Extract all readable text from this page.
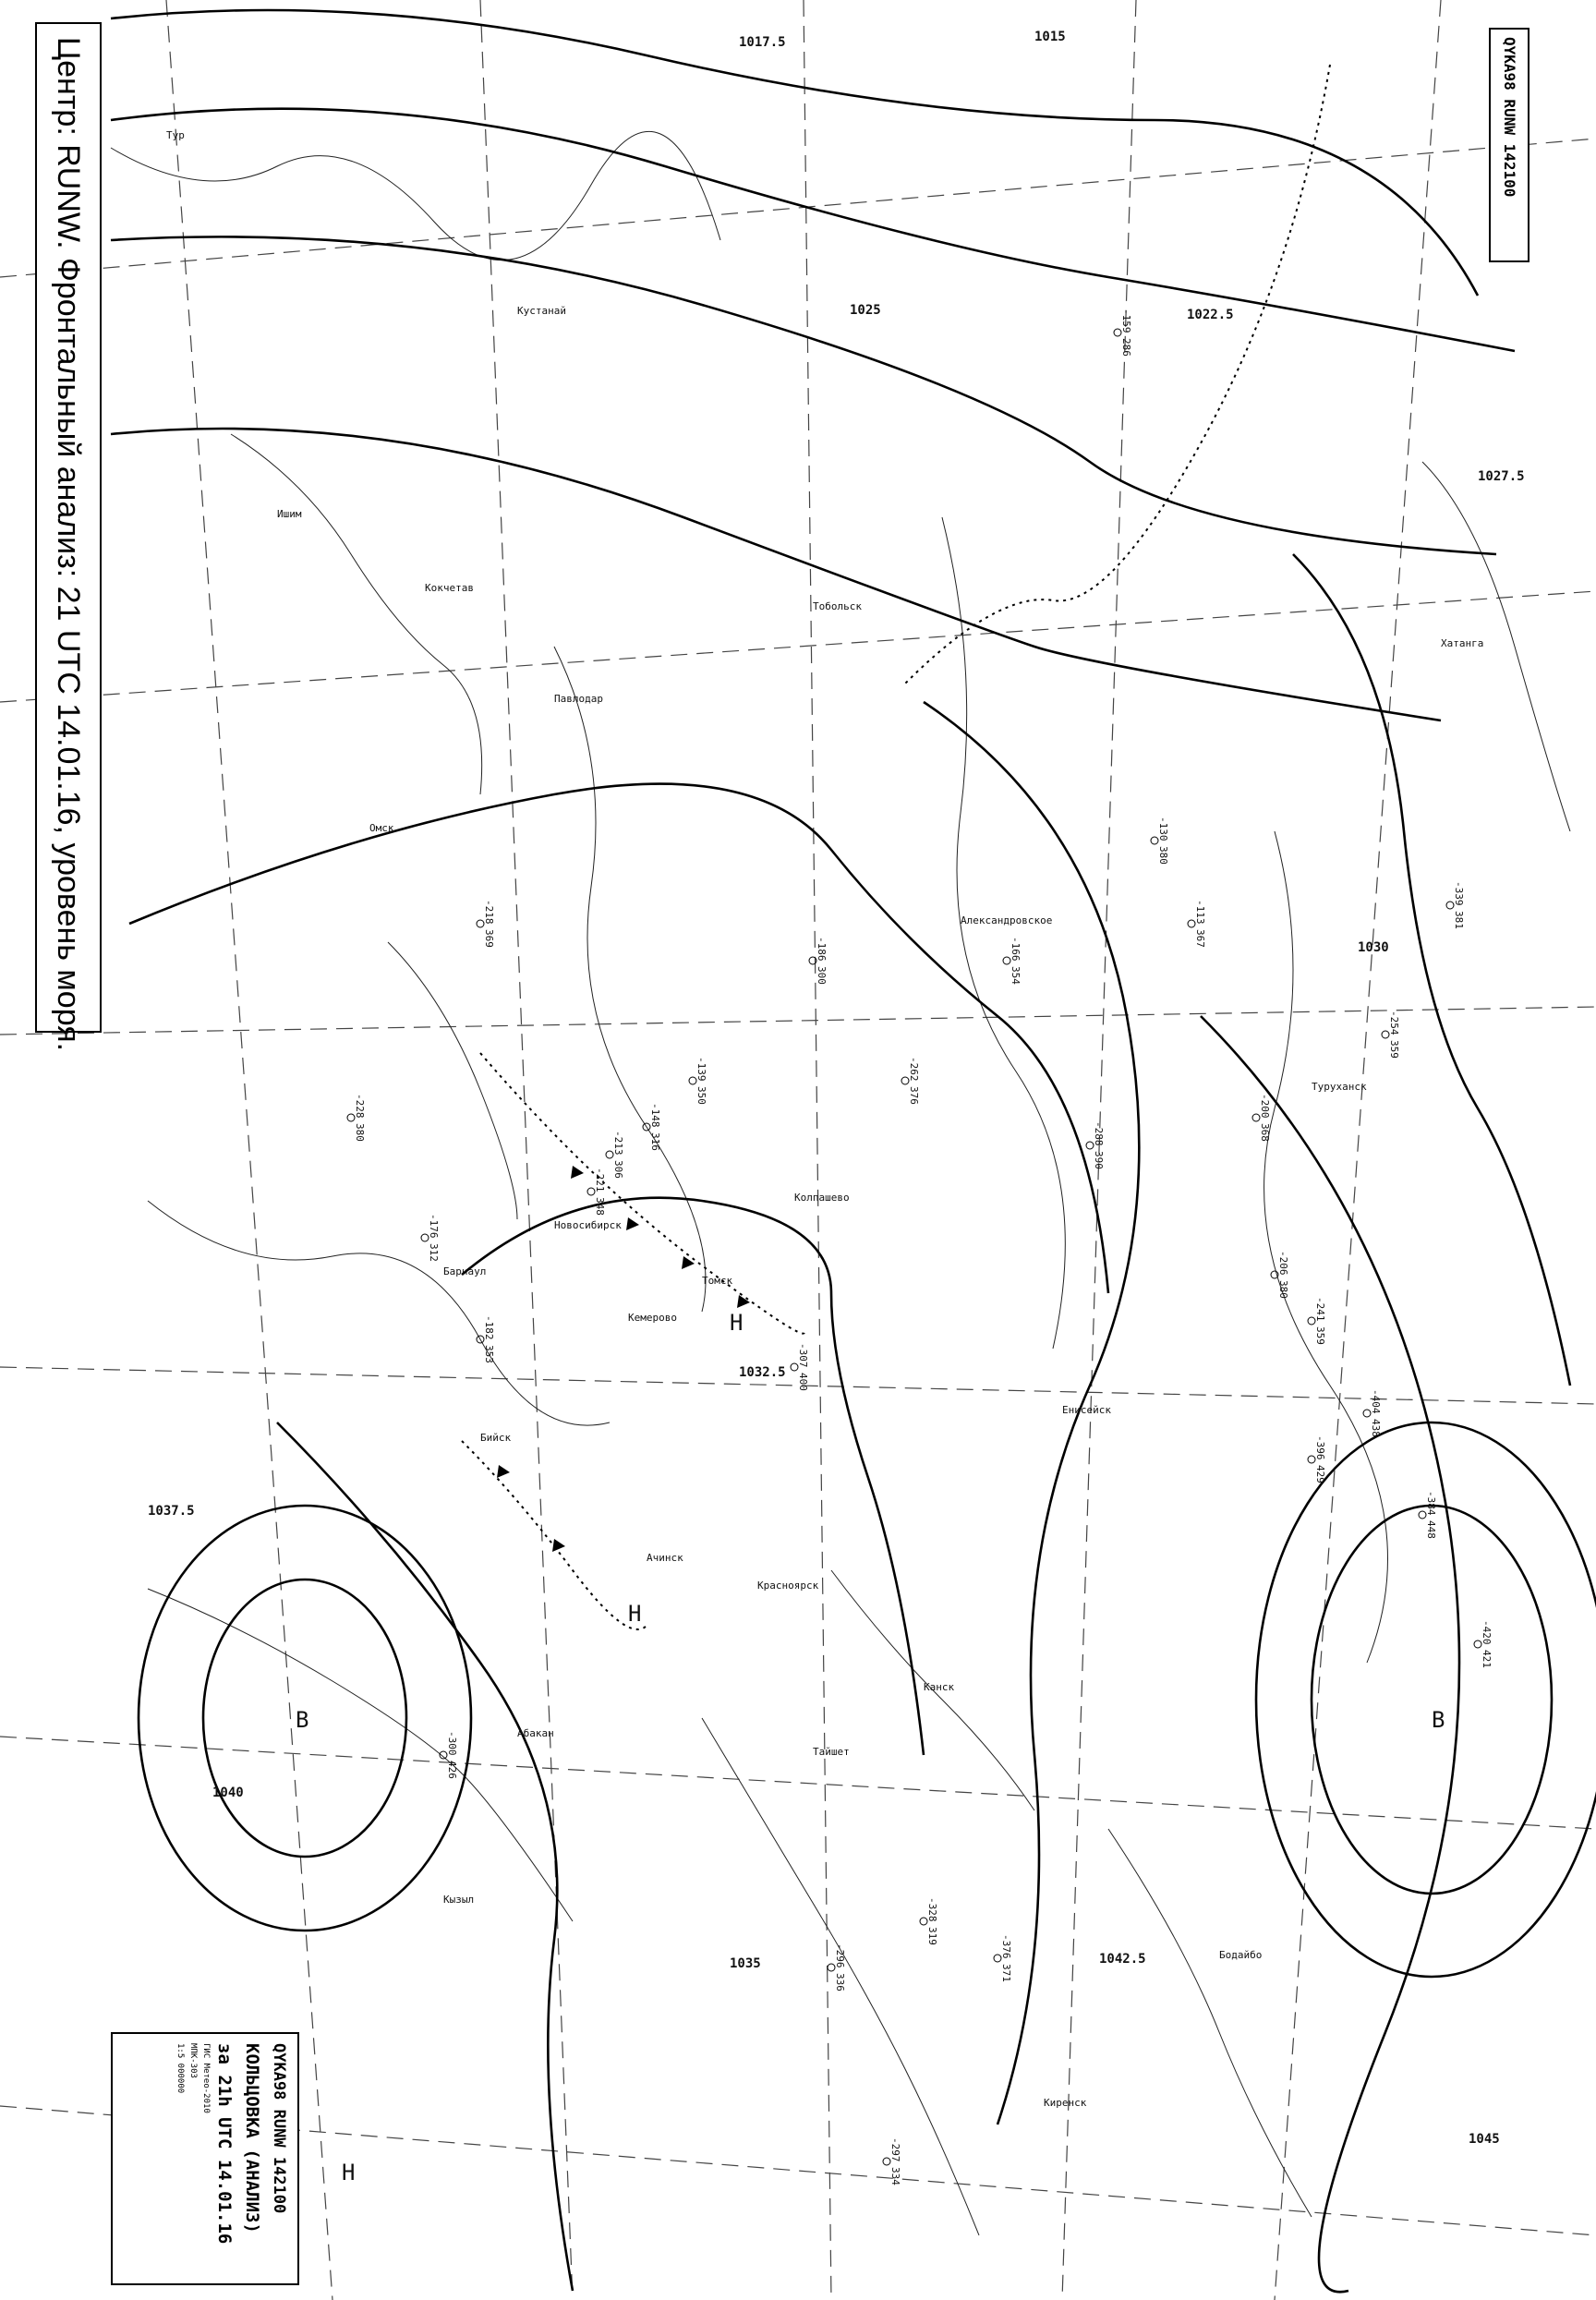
1017.5	1015
1022.5
1025
1027.5
1030
1032.5
1035
1037.5
1040
1042.5
1045
В
Н
Н
В
Н
Тур
Кустанай
Кокчетав
Павлодар
Ишим
Тобольск
Омск
Новосибирск
Барнаул
Кемерово
Томск
Колпашево
Александровское
Енисейск
Красноярск
Ачинск
Абакан
Кызыл
Канск
Тайшет
Бодайбо
Киренск
Туруханск
Хатанга
Бийск
-159
286
-166
354
-113
367
-130
380
-339
381
-404
438
-396
429
-296
336
-300
426
-213
306
-254
359
-228
380
-200
368
-176
312	-206
380
-241
359
-297
334
-384
448
-328
319	-376
371
-221
348
-182
353
-148
316
-186
300
-139
350
-218
369
-262
376
-288
390
-307
400
-420
421
Центр: RUNW. Фронтальный анализ: 21 UTC 14.01.16, уровень моря.	QYKA98 RUNW 142100
QYKA98 RUNW 142100
КОЛЬЦОВКА (АНАЛИЗ)
за 21h UTC 14.01.16
ГИС Метео-2010
МПК-303
1:5 000000
